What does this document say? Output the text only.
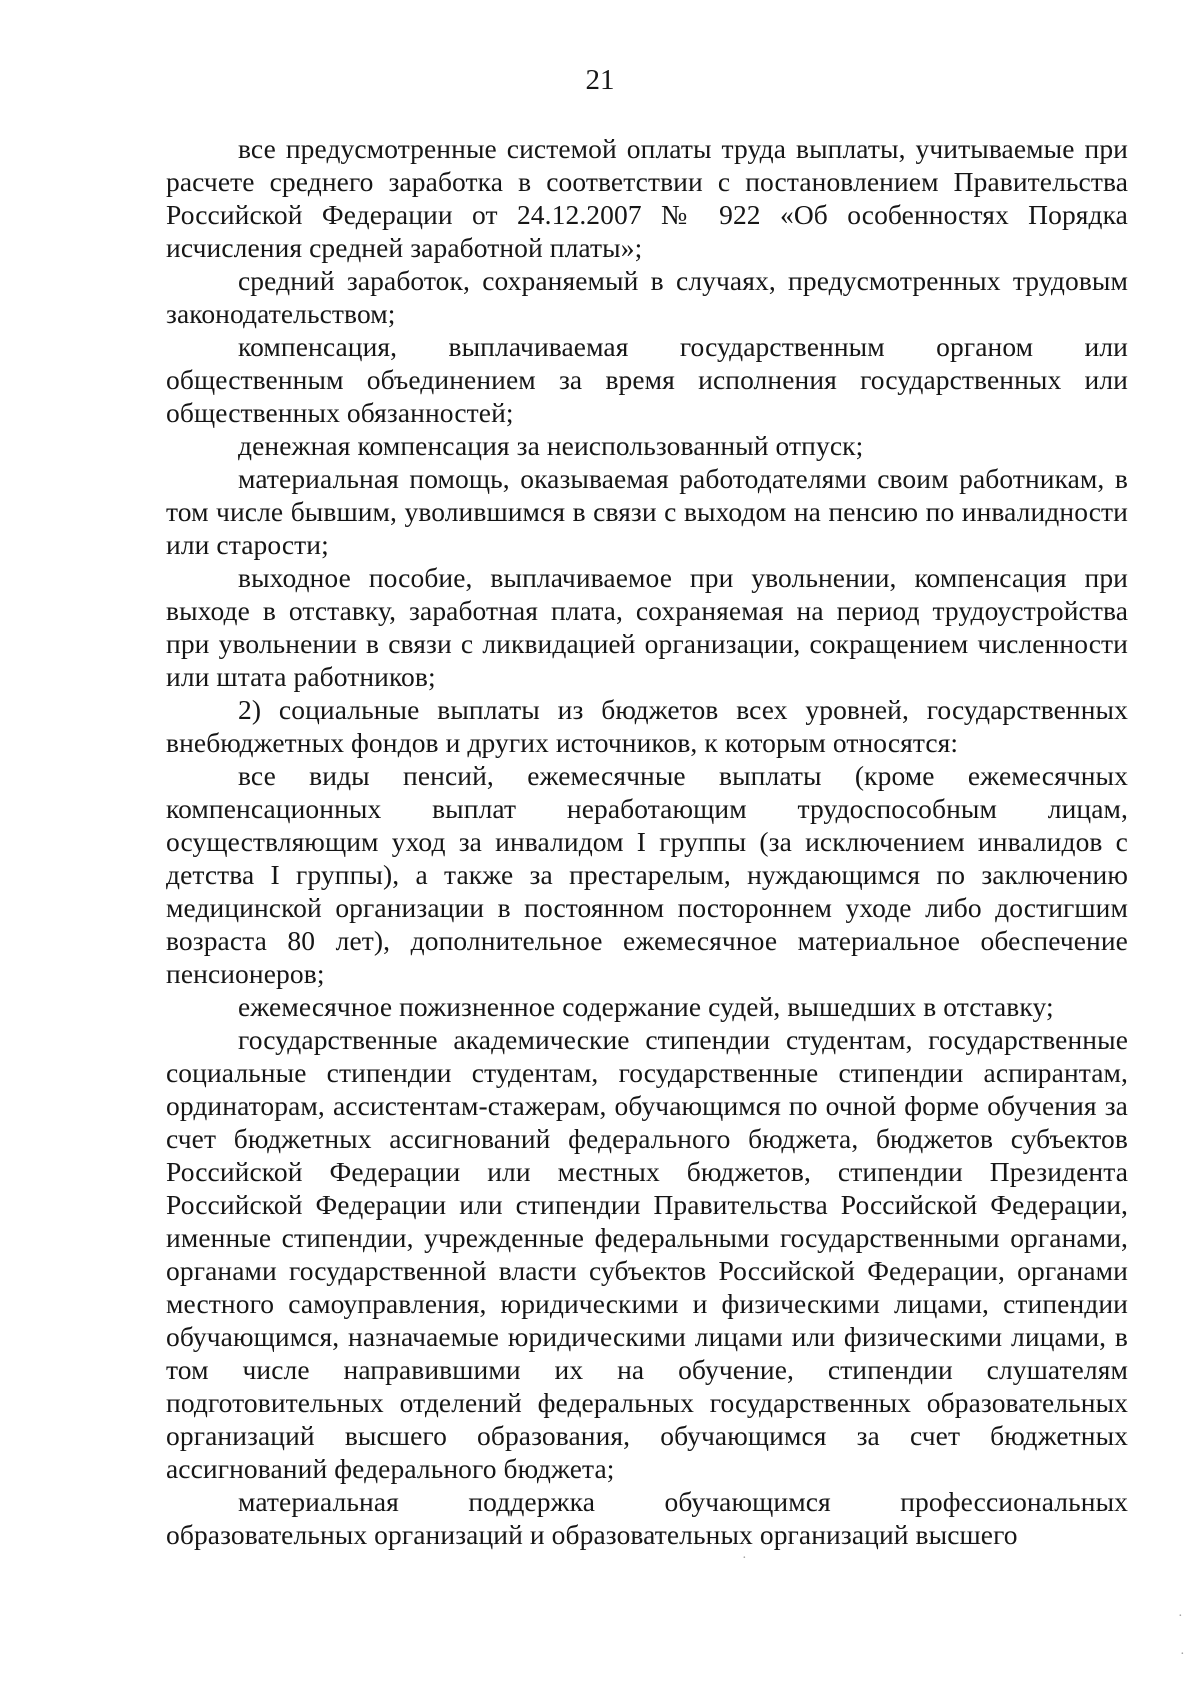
21

все предусмотренные системой оплаты труда выплаты, учитываемые при расчете среднего заработка в соответствии с постановлением Правительства Российской Федерации от 24.12.2007 № 922 «Об особенностях Порядка исчисления средней заработной платы»;

средний заработок, сохраняемый в случаях, предусмотренных трудовым законодательством;

компенсация, выплачиваемая государственным органом или общественным объединением за время исполнения государственных или общественных обязанностей;

денежная компенсация за неиспользованный отпуск;

материальная помощь, оказываемая работодателями своим работникам, в том числе бывшим, уволившимся в связи с выходом на пенсию по инвалидности или старости;

выходное пособие, выплачиваемое при увольнении, компенсация при выходе в отставку, заработная плата, сохраняемая на период трудоустройства при увольнении в связи с ликвидацией организации, сокращением численности или штата работников;

2) социальные выплаты из бюджетов всех уровней, государственных внебюджетных фондов и других источников, к которым относятся:

все виды пенсий, ежемесячные выплаты (кроме ежемесячных компенсационных выплат неработающим трудоспособным лицам, осуществляющим уход за инвалидом I группы (за исключением инвалидов с детства I группы), а также за престарелым, нуждающимся по заключению медицинской организации в постоянном постороннем уходе либо достигшим возраста 80 лет), дополнительное ежемесячное материальное обеспечение пенсионеров;

ежемесячное пожизненное содержание судей, вышедших в отставку;

государственные академические стипендии студентам, государственные социальные стипендии студентам, государственные стипендии аспирантам, ординаторам, ассистентам-стажерам, обучающимся по очной форме обучения за счет бюджетных ассигнований федерального бюджета, бюджетов субъектов Российской Федерации или местных бюджетов, стипендии Президента Российской Федерации или стипендии Правительства Российской Федерации, именные стипендии, учрежденные федеральными государственными органами, органами государственной власти субъектов Российской Федерации, органами местного самоуправления, юридическими и физическими лицами, стипендии обучающимся, назначаемые юридическими лицами или физическими лицами, в том числе направившими их на обучение, стипендии слушателям подготовительных отделений федеральных государственных образовательных организаций высшего образования, обучающимся за счет бюджетных ассигнований федерального бюджета;

материальная поддержка обучающимся профессиональных образовательных организаций и образовательных организаций высшего

·
·
·
